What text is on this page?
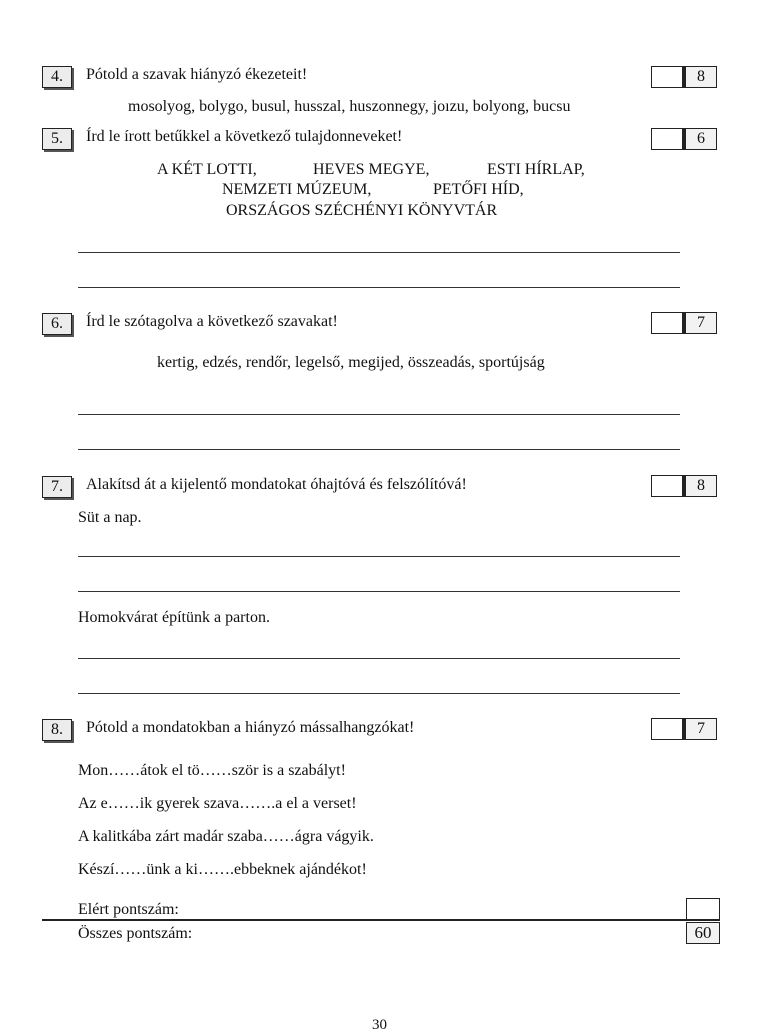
4.	Pótold a szavak hiányzó ékezeteit!	8
mosolyog, bolygo, busul, husszal, huszonnegy, joızu, bolyong, bucsu
5.	Írd le írott betűkkel a következő tulajdonneveket!	6
A KÉT LOTTI,	HEVES MEGYE,	ESTI HÍRLAP,
NEMZETI MÚZEUM,	PETŐFI HÍD,
ORSZÁGOS SZÉCHÉNYI KÖNYVTÁR
6.	Írd le szótagolva a következő szavakat!	7
kertig, edzés, rendőr, legelső, megijed, összeadás, sportújság
7.	Alakítsd át a kijelentő mondatokat óhajtóvá és felszólítóvá!	8
Süt a nap.
Homokvárat építünk a parton.
8.	Pótold a mondatokban a hiányzó mássalhangzókat!	7
Mon……átok el tö……ször is a szabályt!
Az e……ik gyerek szava…….a el a verset!
A kalitkába zárt madár szaba……ágra vágyik.
Készí……ünk a ki…….ebbeknek ajándékot!
Elért pontszám:
Összes pontszám:	60
30
